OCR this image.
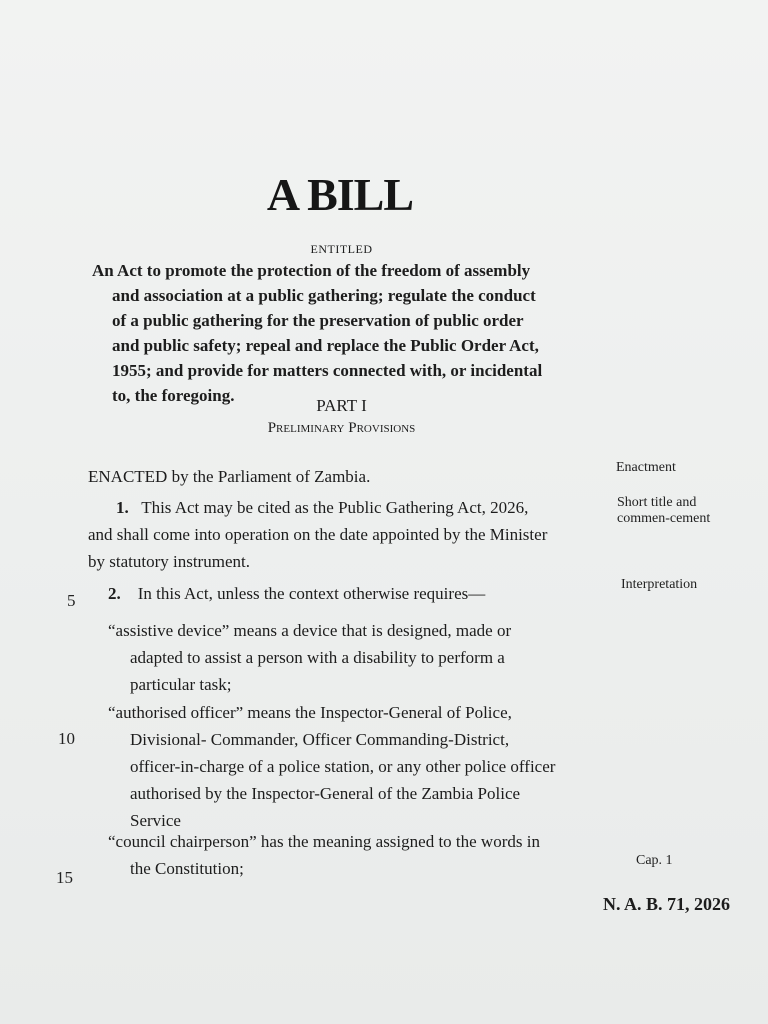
A BILL
ENTITLED
An Act to promote the protection of the freedom of assembly
and association at a public gathering; regulate the conduct
of a public gathering for the preservation of public order
and public safety; repeal and replace the Public Order Act,
1955; and provide for matters connected with, or incidental
to, the foregoing.
PART I
Preliminary Provisions
ENACTED by the Parliament of Zambia.	Enactment
1. This Act may be cited as the Public Gathering Act, 2026,
and shall come into operation on the date appointed by the Minister
by statutory instrument.
Short title and commen-cement
5 2. In this Act, unless the context otherwise requires—	Interpretation
“assistive device” means a device that is designed, made or
adapted to assist a person with a disability to perform a
particular task;
10
“authorised officer” means the Inspector-General of Police,
Divisional- Commander, Officer Commanding-District,
officer-in-charge of a police station, or any other police officer
authorised by the Inspector-General of the Zambia Police
Service
15
“council chairperson” has the meaning assigned to the words in
the Constitution;	Cap. 1
N. A. B. 71, 2026
